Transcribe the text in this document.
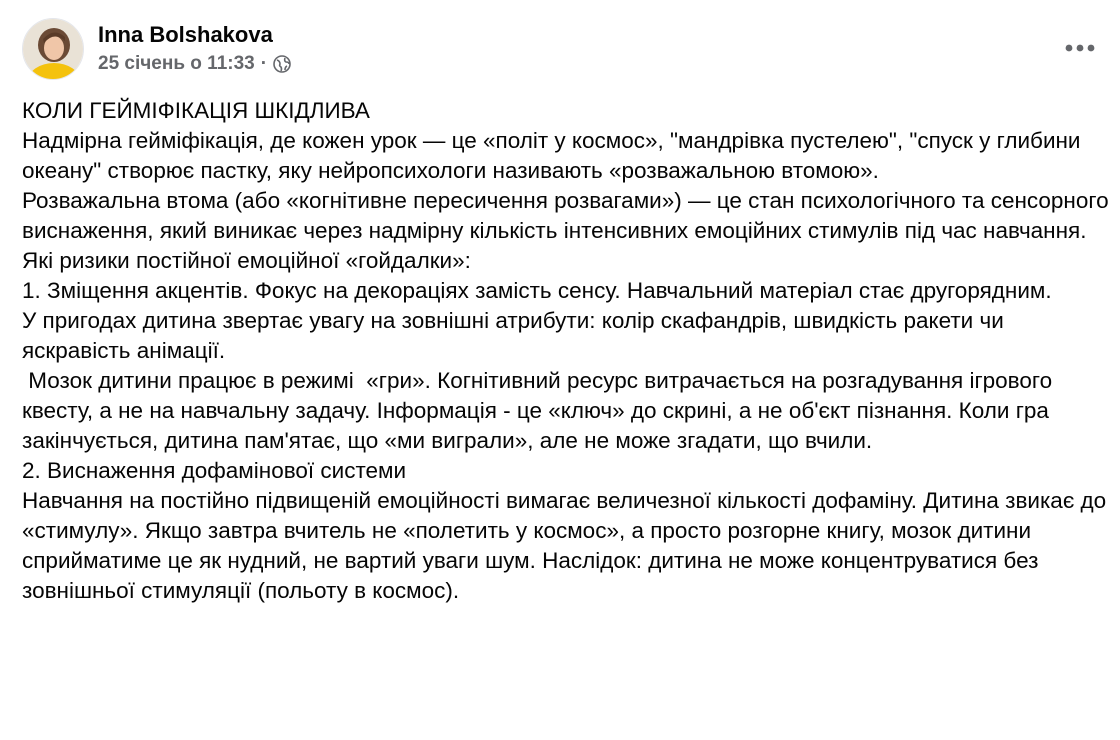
Inna Bolshakova
25 січень о 11:33 ·

КОЛИ ГЕЙМІФІКАЦІЯ ШКІДЛИВА

Надмірна гейміфікація, де кожен урок — це «політ у космос», "мандрівка пустелею", "спуск у глибини океану" створює пастку, яку нейропсихологи називають «розважальною втомою».

Розважальна втома (або «когнітивне пересичення розвагами») — це стан психологічного та сенсорного виснаження, який виникає через надмірну кількість інтенсивних емоційних стимулів під час навчання.

Які ризики постійної емоційної «гойдалки»:

1. Зміщення акцентів. Фокус на декораціях замість сенсу. Навчальний матеріал стає другорядним.

У пригодах дитина звертає увагу на зовнішні атрибути: колір скафандрів, швидкість ракети чи яскравість анімації.

Мозок дитини працює в режимі  «гри». Когнітивний ресурс витрачається на розгадування ігрового квесту, а не на навчальну задачу. Інформація - це «ключ» до скрині, а не об'єкт пізнання. Коли гра закінчується, дитина пам'ятає, що «ми виграли», але не може згадати, що вчили.

2. Виснаження дофамінової системи

Навчання на постійно підвищеній емоційності вимагає величезної кількості дофаміну. Дитина звикає до «стимулу». Якщо завтра вчитель не «полетить у космос», а просто розгорне книгу, мозок дитини сприйматиме це як нудний, не вартий уваги шум. Наслідок: дитина не може концентруватися без зовнішньої стимуляції (польоту в космос).
